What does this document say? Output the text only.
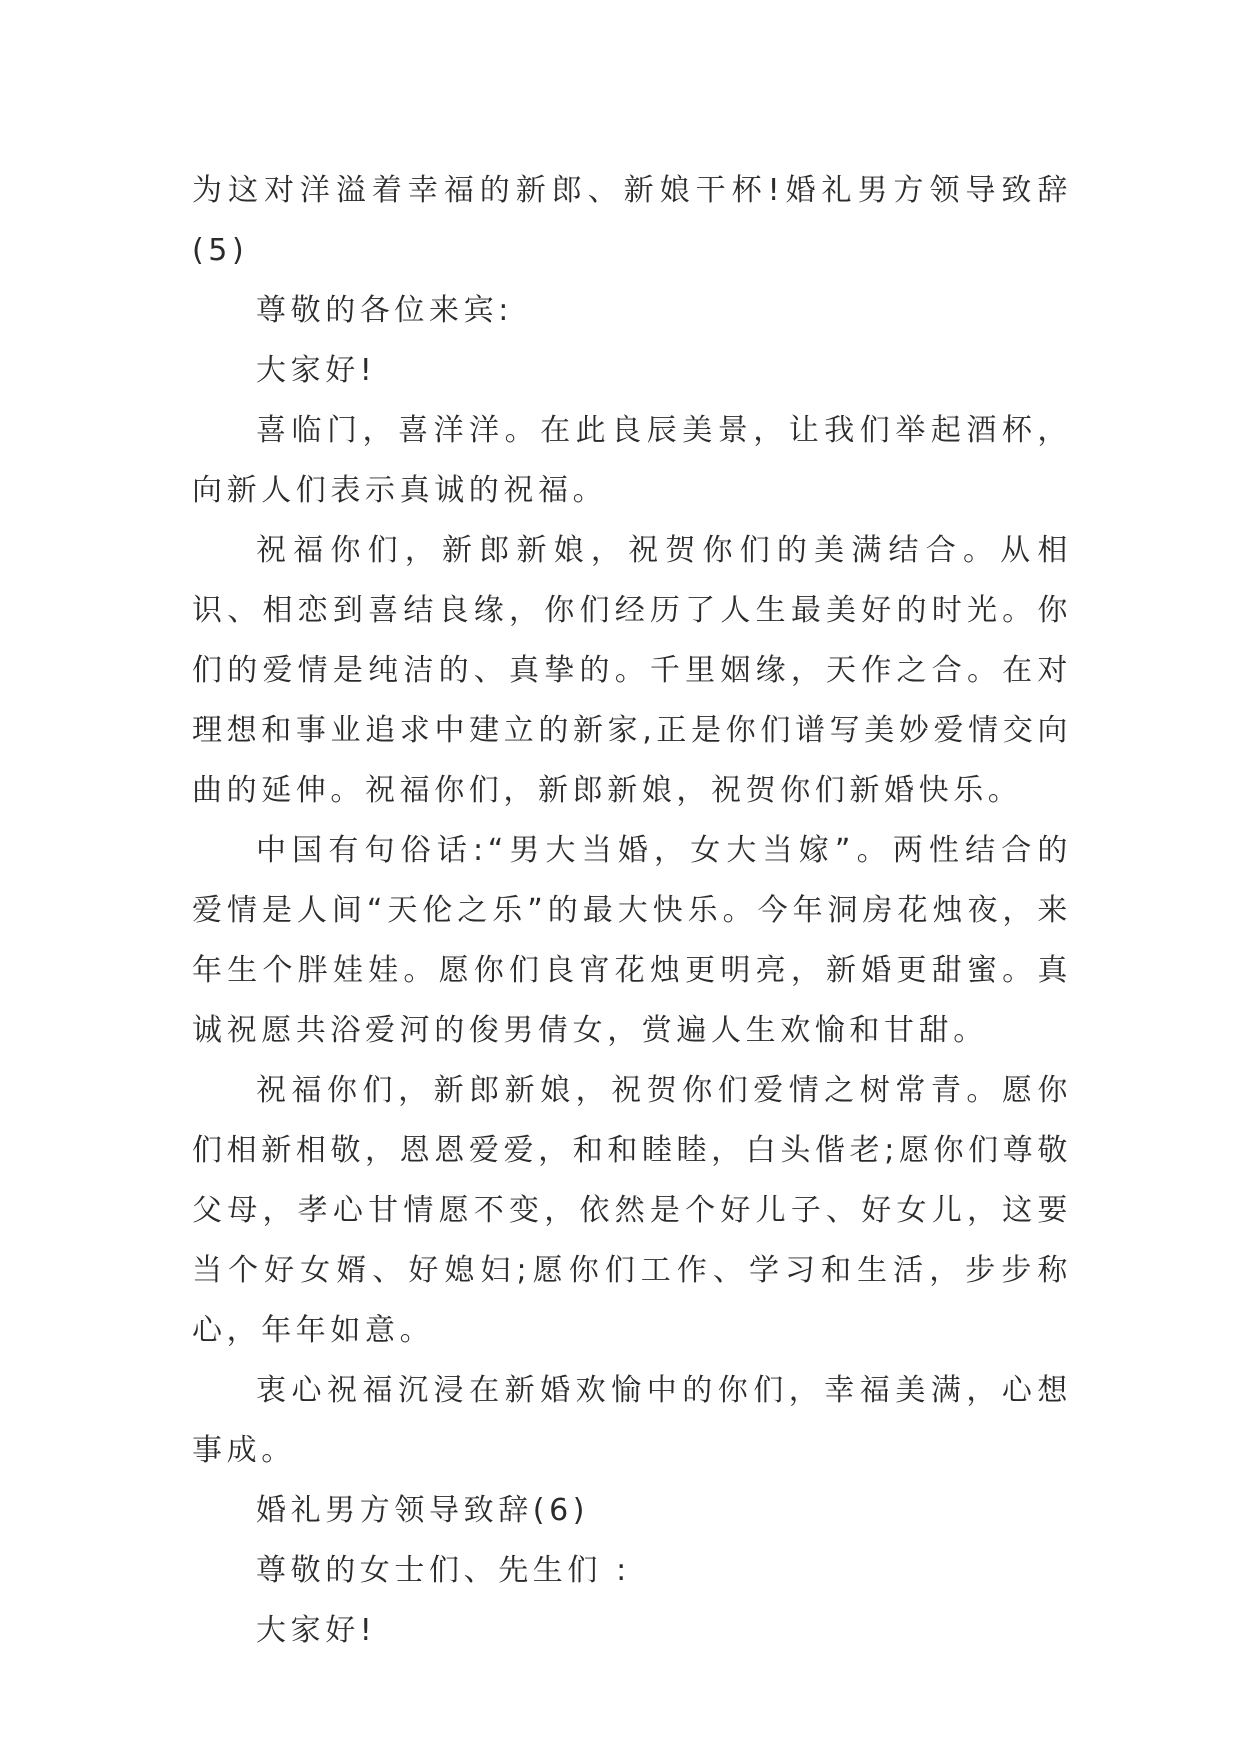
为这对洋溢着幸福的新郎、新娘干杯!婚礼男方领导致辞(5)

尊敬的各位来宾:

大家好!

喜临门，喜洋洋。在此良辰美景，让我们举起酒杯，向新人们表示真诚的祝福。

祝福你们，新郎新娘，祝贺你们的美满结合。从相识、相恋到喜结良缘，你们经历了人生最美好的时光。你们的爱情是纯洁的、真挚的。千里姻缘，天作之合。在对理想和事业追求中建立的新家,正是你们谱写美妙爱情交向曲的延伸。祝福你们，新郎新娘，祝贺你们新婚快乐。

中国有句俗话:“男大当婚，女大当嫁”。两性结合的爱情是人间“天伦之乐”的最大快乐。今年洞房花烛夜，来年生个胖娃娃。愿你们良宵花烛更明亮，新婚更甜蜜。真诚祝愿共浴爱河的俊男倩女，赏遍人生欢愉和甘甜。

祝福你们，新郎新娘，祝贺你们爱情之树常青。愿你们相新相敬，恩恩爱爱，和和睦睦，白头偕老;愿你们尊敬父母，孝心甘情愿不变，依然是个好儿子、好女儿，这要当个好女婿、好媳妇;愿你们工作、学习和生活，步步称心，年年如意。

衷心祝福沉浸在新婚欢愉中的你们，幸福美满，心想事成。

婚礼男方领导致辞(6)

尊敬的女士们、先生们 :

大家好!
